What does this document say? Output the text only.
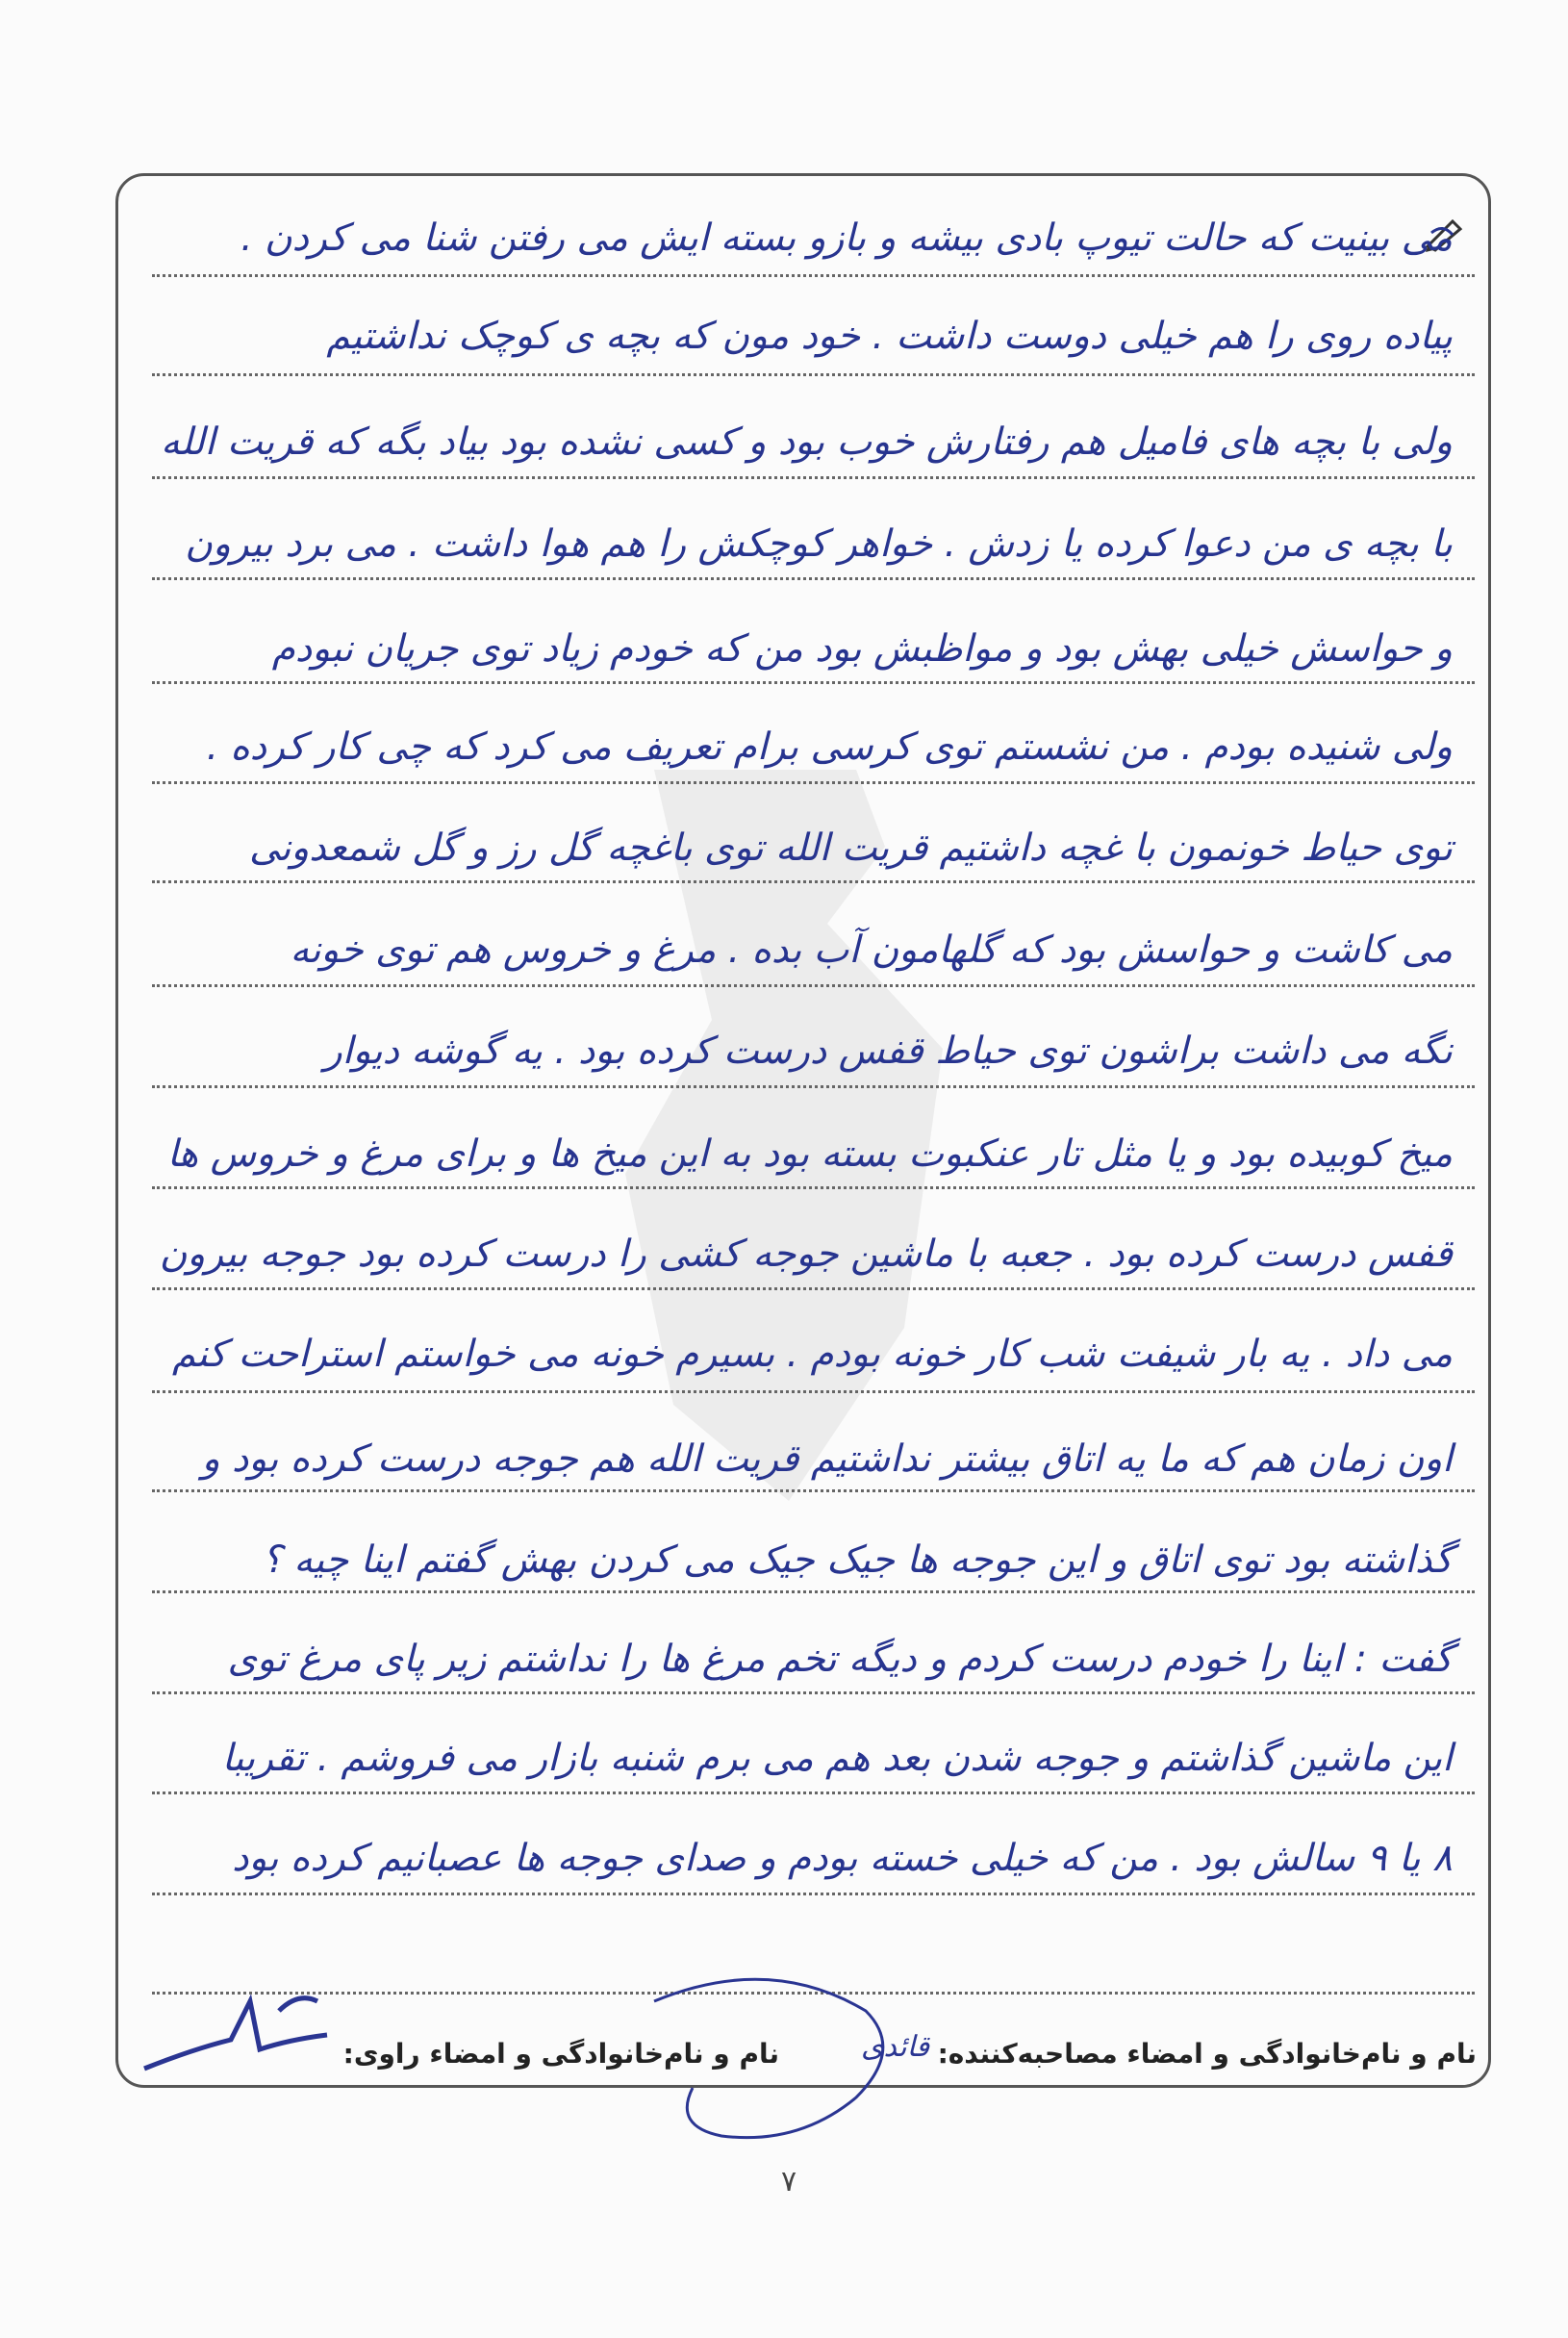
می بینیت که حالت تیوپ بادی بیشه و بازو بسته ایش می رفتن شنا می کردن .
پیاده روی را هم خیلی دوست داشت . خود مون که بچه ی کوچک نداشتیم
ولی با بچه های فامیل هم رفتارش خوب بود و کسی نشده بود بیاد بگه که قریت الله
با بچه ی من دعوا کرده یا زدش . خواهر کوچکش را هم هوا داشت . می برد بیرون
و حواسش خیلی بهش بود و مواظبش بود من که خودم زیاد توی جریان نبودم
ولی شنیده بودم . من نشستم توی کرسی برام تعریف می کرد که چی کار کرده .
توی حیاط خونمون با غچه داشتیم قریت الله توی باغچه گل رز و گل شمعدونی
می کاشت و حواسش بود که گلهامون آب بده . مرغ و خروس هم توی خونه
نگه می داشت براشون توی حیاط قفس درست کرده بود . یه گوشه دیوار
میخ کوبیده بود و یا مثل تار عنکبوت بسته بود به این میخ ها و برای مرغ و خروس ها
قفس درست کرده بود . جعبه با ماشین جوجه کشی را درست کرده بود جوجه بیرون
می داد . یه بار شیفت شب کار خونه بودم . بسیرم خونه می خواستم استراحت کنم
اون زمان هم که ما یه اتاق بیشتر نداشتیم قریت الله هم جوجه درست کرده بود و
گذاشته بود توی اتاق و این جوجه ها جیک جیک می کردن بهش گفتم اینا چیه ؟
گفت : اینا را خودم درست کردم و دیگه تخم مرغ ها را نداشتم زیر پای مرغ توی
این ماشین گذاشتم و جوجه شدن بعد هم می برم شنبه بازار می فروشم . تقریبا
۸ یا ۹ سالش بود . من که خیلی خسته بودم و صدای جوجه ها عصبانیم کرده بود
نام و نام‌خانوادگی و امضاء مصاحبه‌کننده:
قائدی
نام و نام‌خانوادگی و امضاء راوی:
۷
